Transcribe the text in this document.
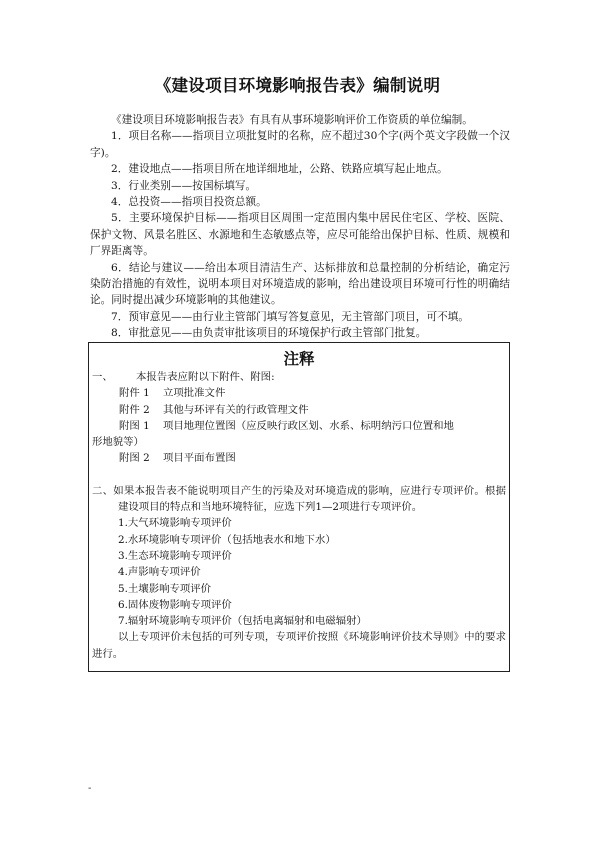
《建设项目环境影响报告表》编制说明

《建设项目环境影响报告表》有具有从事环境影响评价工作资质的单位编制。

1．项目名称——指项目立项批复时的名称，应不超过30个字(两个英文字段做一个汉字)。

2．建设地点——指项目所在地详细地址，公路、铁路应填写起止地点。

3．行业类别——按国标填写。

4．总投资——指项目投资总额。

5．主要环境保护目标——指项目区周围一定范围内集中居民住宅区、学校、医院、保护文物、风景名胜区、水源地和生态敏感点等，应尽可能给出保护目标、性质、规模和厂界距离等。

6．结论与建议——给出本项目清洁生产、达标排放和总量控制的分析结论，确定污染防治措施的有效性，说明本项目对环境造成的影响，给出建设项目环境可行性的明确结论。同时提出减少环境影响的其他建议。

7．预审意见——由行业主管部门填写答复意见，无主管部门项目，可不填。

8．审批意见——由负责审批该项目的环境保护行政主管部门批复。

注释

一、 本报告表应附以下附件、附图:

附件 1 立项批准文件

附件 2 其他与环评有关的行政管理文件

附图 1 项目地理位置图（应反映行政区划、水系、标明纳污口位置和地
形地貌等）

附图 2 项目平面布置图

二、如果本报告表不能说明项目产生的污染及对环境造成的影响，应进行专项评价。根据建设项目的特点和当地环境特征，应选下列1—2项进行专项评价。

1.大气环境影响专项评价

2.水环境影响专项评价（包括地表水和地下水）

3.生态环境影响专项评价

4.声影响专项评价

5.土壤影响专项评价

6.固体废物影响专项评价

7.辐射环境影响专项评价（包括电离辐射和电磁辐射）

以上专项评价未包括的可列专项，专项评价按照《环境影响评价技术导则》中的要求进行。

-
